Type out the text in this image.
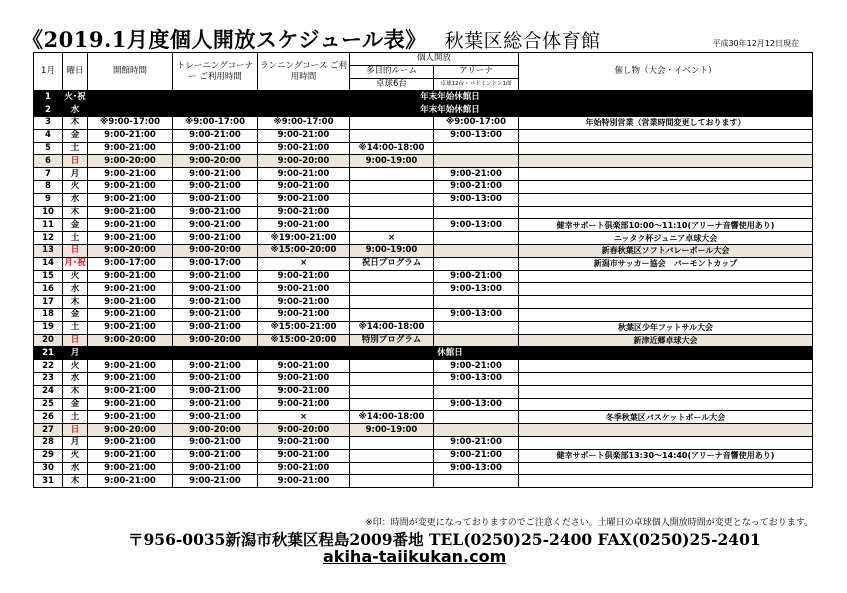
《2019.1月度個人開放スケジュール表》 秋葉区総合体育館	平成30年12月12日現在
1月	曜日	開館時間	トレーニングコーナー ご利用時間	ランニングコース ご利用時間	個人開放		催し物（大会・イベント）
					多目的ルーム	アリーナ	
					卓球6台	卓球12台・バドミントン1面	
1	火･祝	年末年始休館日					
2	水	年末年始休館日					
3	木	※9:00-17:00	※9:00-17:00	※9:00-17:00		※9:00-17:00	年始特別営業（営業時間変更しております）
4	金	9:00-21:00	9:00-21:00	9:00-21:00		9:00-13:00	
5	土	9:00-21:00	9:00-21:00	9:00-21:00	※14:00-18:00		
6	日	9:00-20:00	9:00-20:00	9:00-20:00	9:00-19:00		
7	月	9:00-21:00	9:00-21:00	9:00-21:00		9:00-21:00	
8	火	9:00-21:00	9:00-21:00	9:00-21:00		9:00-21:00	
9	水	9:00-21:00	9:00-21:00	9:00-21:00		9:00-13:00	
10	木	9:00-21:00	9:00-21:00	9:00-21:00			
11	金	9:00-21:00	9:00-21:00	9:00-21:00		9:00-13:00	健幸サポート倶楽部10:00～11:10(アリーナ音響使用あり)
12	土	9:00-21:00	9:00-21:00	※19:00-21:00	×		ニッタク杯ジュニア卓球大会
13	日	9:00-20:00	9:00-20:00	※15:00-20:00	9:00-19:00		新春秋葉区ソフトバレーボール大会
14	月･祝	9:00-17:00	9:00-17:00	×	祝日プログラム		新潟市サッカー協会　バーモントカップ
15	火	9:00-21:00	9:00-21:00	9:00-21:00		9:00-21:00	
16	水	9:00-21:00	9:00-21:00	9:00-21:00		9:00-13:00	
17	木	9:00-21:00	9:00-21:00	9:00-21:00			
18	金	9:00-21:00	9:00-21:00	9:00-21:00		9:00-13:00	
19	土	9:00-21:00	9:00-21:00	※15:00-21:00	※14:00-18:00		秋葉区少年フットサル大会
20	日	9:00-20:00	9:00-20:00	※15:00-20:00	特別プログラム		新津近郷卓球大会
21	月	休館日					
22	火	9:00-21:00	9:00-21:00	9:00-21:00		9:00-21:00	
23	水	9:00-21:00	9:00-21:00	9:00-21:00		9:00-13:00	
24	木	9:00-21:00	9:00-21:00	9:00-21:00			
25	金	9:00-21:00	9:00-21:00	9:00-21:00		9:00-13:00	
26	土	9:00-21:00	9:00-21:00	×	※14:00-18:00		冬季秋葉区バスケットボール大会
27	日	9:00-20:00	9:00-20:00	9:00-20:00	9:00-19:00		
28	月	9:00-21:00	9:00-21:00	9:00-21:00		9:00-21:00	
29	火	9:00-21:00	9:00-21:00	9:00-21:00		9:00-21:00	健幸サポート倶楽部13:30～14:40(アリーナ音響使用あり)
30	水	9:00-21:00	9:00-21:00	9:00-21:00		9:00-13:00	
31	木	9:00-21:00	9:00-21:00	9:00-21:00			
※印：時間が変更になっておりますのでご注意ください。土曜日の卓球個人開放時間が変更となっております。
〒956-0035新潟市秋葉区程島2009番地 TEL(0250)25-2400 FAX(0250)25-2401
akiha-taiikukan.com
